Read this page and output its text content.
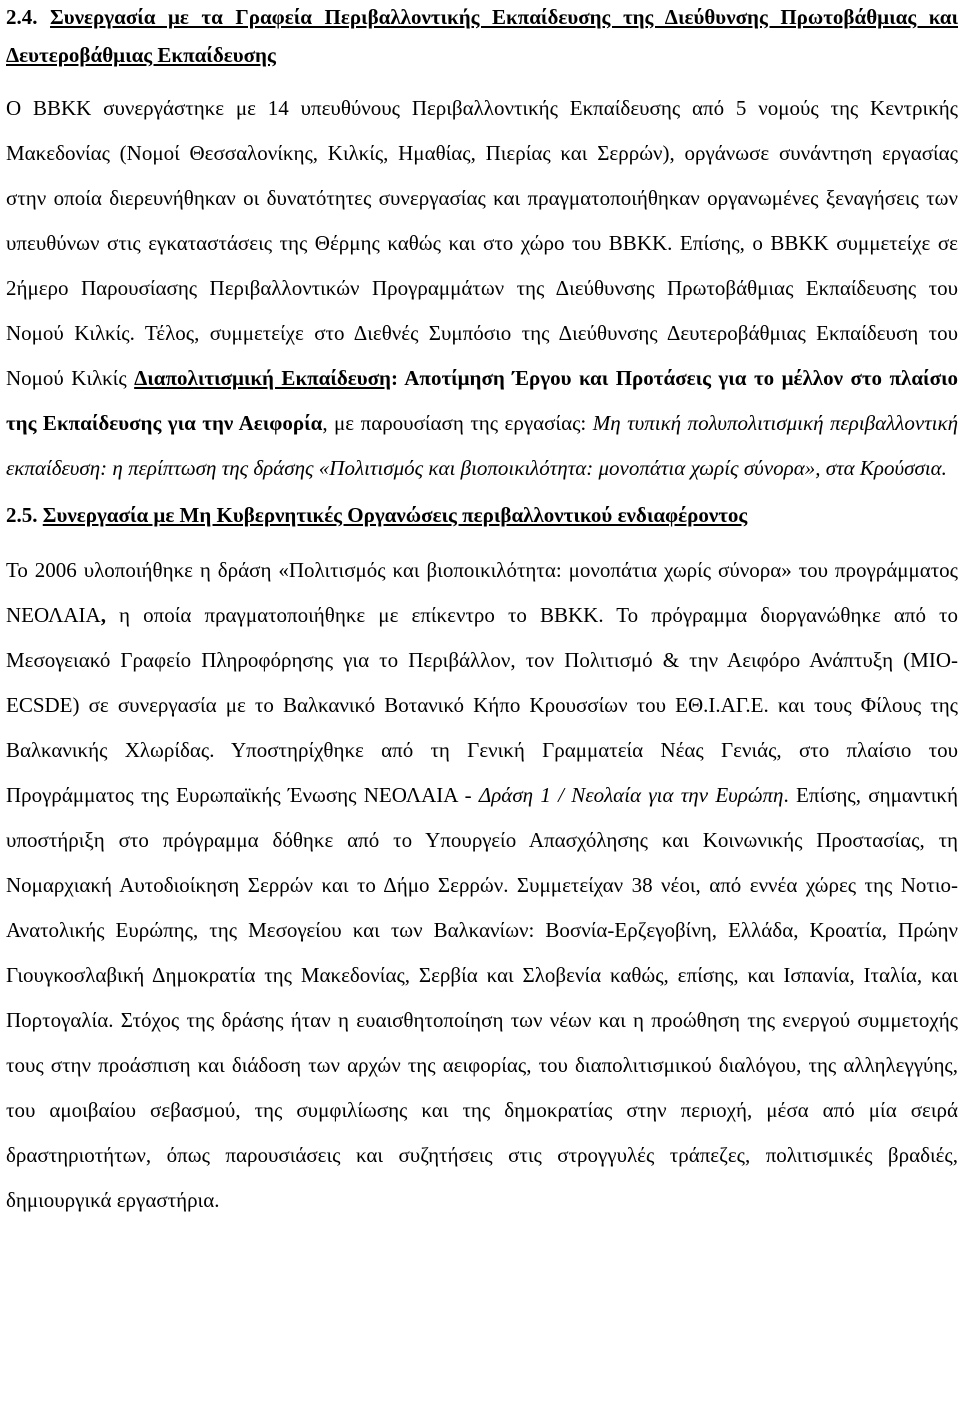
2.4. Συνεργασία με τα Γραφεία Περιβαλλοντικής Εκπαίδευσης της Διεύθυνσης Πρωτοβάθμιας και Δευτεροβάθμιας Εκπαίδευσης

Ο ΒΒΚΚ συνεργάστηκε με 14 υπευθύνους Περιβαλλοντικής Εκπαίδευσης από 5 νομούς της Κεντρικής Μακεδονίας (Νομοί Θεσσαλονίκης, Κιλκίς, Ημαθίας, Πιερίας και Σερρών), οργάνωσε συνάντηση εργασίας στην οποία διερευνήθηκαν οι δυνατότητες συνεργασίας και πραγματοποιήθηκαν οργανωμένες ξεναγήσεις των υπευθύνων στις εγκαταστάσεις της Θέρμης καθώς και στο χώρο του ΒΒΚΚ. Επίσης, ο ΒΒΚΚ συμμετείχε σε 2ήμερο Παρουσίασης Περιβαλλοντικών Προγραμμάτων της Διεύθυνσης Πρωτοβάθμιας Εκπαίδευσης του Νομού Κιλκίς. Τέλος, συμμετείχε στο Διεθνές Συμπόσιο της Διεύθυνσης Δευτεροβάθμιας Εκπαίδευση του Νομού Κιλκίς Διαπολιτισμική Εκπαίδευση: Αποτίμηση Έργου και Προτάσεις για το μέλλον στο πλαίσιο της Εκπαίδευσης για την Αειφορία, με παρουσίαση της εργασίας: Μη τυπική πολυπολιτισμική περιβαλλοντική εκπαίδευση: η περίπτωση της δράσης «Πολιτισμός και βιοποικιλότητα: μονοπάτια χωρίς σύνορα», στα Κρούσσια.

2.5. Συνεργασία με Μη Κυβερνητικές Οργανώσεις περιβαλλοντικού ενδιαφέροντος

Το 2006 υλοποιήθηκε η δράση «Πολιτισμός και βιοποικιλότητα: μονοπάτια χωρίς σύνορα» του προγράμματος ΝΕΟΛΑΙΑ, η οποία πραγματοποιήθηκε με επίκεντρο το ΒΒΚΚ. Το πρόγραμμα διοργανώθηκε από το Μεσογειακό Γραφείο Πληροφόρησης για το Περιβάλλον, τον Πολιτισμό & την Αειφόρο Ανάπτυξη (ΜΙΟ-ECSDE) σε συνεργασία με το Βαλκανικό Βοτανικό Κήπο Κρουσσίων του ΕΘ.Ι.ΑΓ.Ε. και τους Φίλους της Βαλκανικής Χλωρίδας. Υποστηρίχθηκε από τη Γενική Γραμματεία Νέας Γενιάς, στο πλαίσιο του Προγράμματος της Ευρωπαϊκής Ένωσης ΝΕΟΛΑΙΑ - Δράση 1 / Νεολαία για την Ευρώπη. Επίσης, σημαντική υποστήριξη στο πρόγραμμα δόθηκε από το Υπουργείο Απασχόλησης και Κοινωνικής Προστασίας, τη Νομαρχιακή Αυτοδιοίκηση Σερρών και το Δήμο Σερρών. Συμμετείχαν 38 νέοι, από εννέα χώρες της Νοτιο-Ανατολικής Ευρώπης, της Μεσογείου και των Βαλκανίων: Βοσνία-Ερζεγοβίνη, Ελλάδα, Κροατία, Πρώην Γιουγκοσλαβική Δημοκρατία της Μακεδονίας, Σερβία και Σλοβενία καθώς, επίσης, και Ισπανία, Ιταλία, και Πορτογαλία. Στόχος της δράσης ήταν η ευαισθητοποίηση των νέων και η προώθηση της ενεργού συμμετοχής τους στην προάσπιση και διάδοση των αρχών της αειφορίας, του διαπολιτισμικού διαλόγου, της αλληλεγγύης, του αμοιβαίου σεβασμού, της συμφιλίωσης και της δημοκρατίας στην περιοχή, μέσα από μία σειρά δραστηριοτήτων, όπως παρουσιάσεις και συζητήσεις στις στρογγυλές τράπεζες, πολιτισμικές βραδιές, δημιουργικά εργαστήρια.
